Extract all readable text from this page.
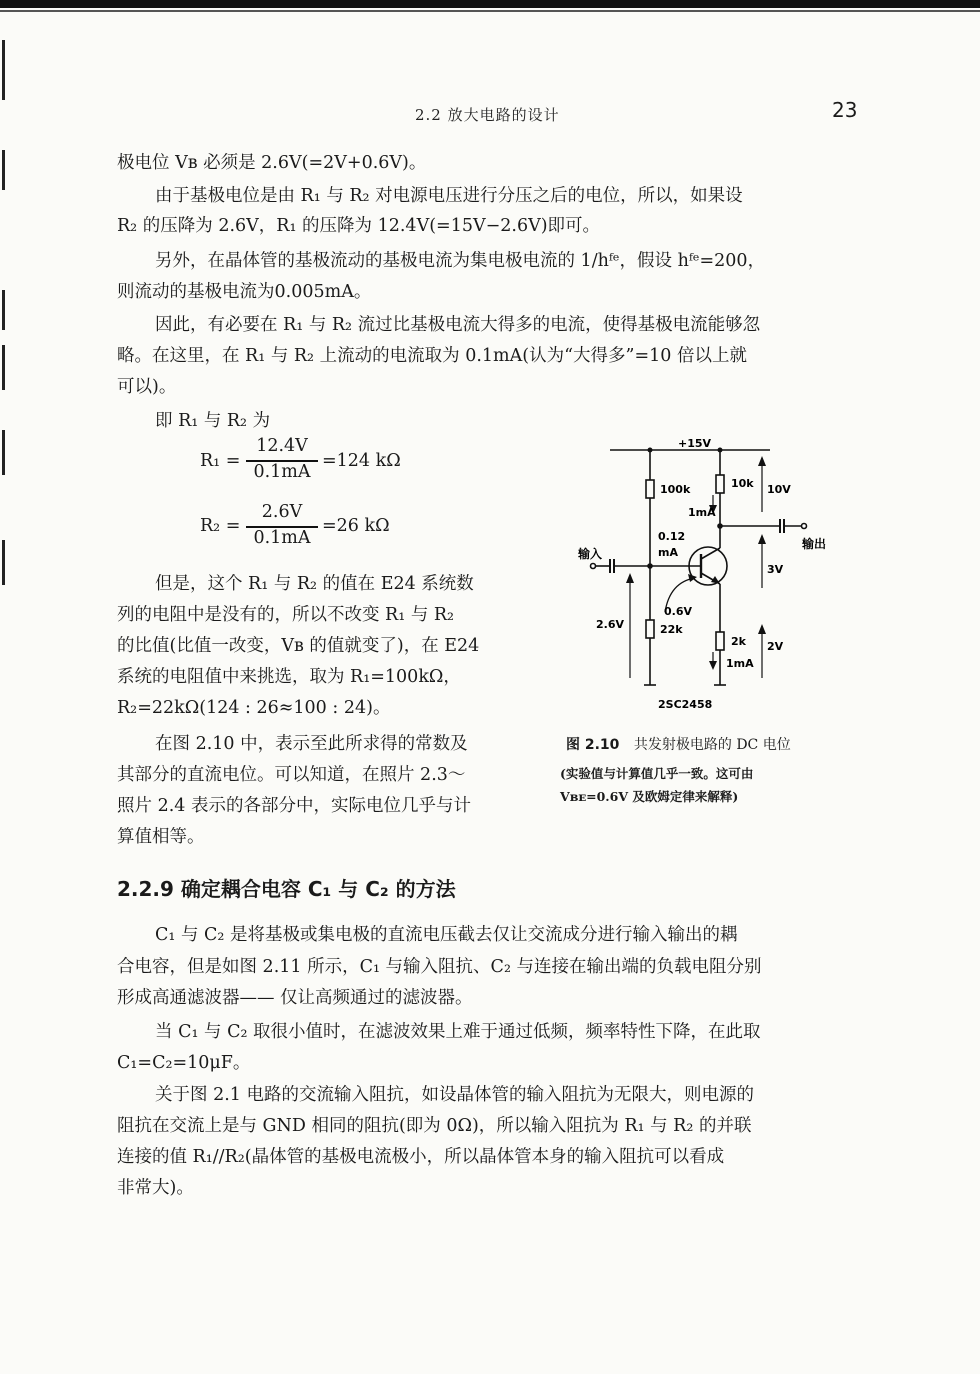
2.2 放大电路的设计	23
极电位 Vʙ 必须是 2.6V(=2V+0.6V)。
由于基极电位是由 R₁ 与 R₂ 对电源电压进行分压之后的电位，所以，如果设
R₂ 的压降为 2.6V，R₁ 的压降为 12.4V(=15V−2.6V)即可。
另外，在晶体管的基极流动的基极电流为集电极电流的 1/hᶠᵉ，假设 hᶠᵉ=200，
则流动的基极电流为0.005mA。
因此，有必要在 R₁ 与 R₂ 流过比基极电流大得多的电流，使得基极电流能够忽
略。在这里，在 R₁ 与 R₂ 上流动的电流取为 0.1mA(认为“大得多”=10 倍以上就
可以)。
即 R₁ 与 R₂ 为
R₁ =
12.4V
0.1mA
=124 kΩ
R₂ =
2.6V
0.1mA
=26 kΩ
但是，这个 R₁ 与 R₂ 的值在 E24 系统数
列的电阻中是没有的，所以不改变 R₁ 与 R₂
的比值(比值一改变，Vʙ 的值就变了)，在 E24
系统的电阻值中来挑选，取为 R₁=100kΩ，
R₂=22kΩ(124 : 26≈100 : 24)。
在图 2.10 中，表示至此所求得的常数及
其部分的直流电位。可以知道，在照片 2.3～
照片 2.4 表示的各部分中，实际电位几乎与计
算值相等。
+15V
100k	10k 10V
1mA
0.12
mA
输入
输出
3V
0.6V
2.6V	22k
2k
1mA
2V
2SC2458
图 2.10 共发射极电路的 DC 电位
(实验值与计算值几乎一致。这可由
Vʙᴇ=0.6V 及欧姆定律来解释)
2.2.9 确定耦合电容 C₁ 与 C₂ 的方法
C₁ 与 C₂ 是将基极或集电极的直流电压截去仅让交流成分进行输入输出的耦
合电容，但是如图 2.11 所示，C₁ 与输入阻抗、C₂ 与连接在输出端的负载电阻分别
形成高通滤波器—— 仅让高频通过的滤波器。
当 C₁ 与 C₂ 取很小值时，在滤波效果上难于通过低频，频率特性下降，在此取
C₁=C₂=10μF。
关于图 2.1 电路的交流输入阻抗，如设晶体管的输入阻抗为无限大，则电源的
阻抗在交流上是与 GND 相同的阻抗(即为 0Ω)，所以输入阻抗为 R₁ 与 R₂ 的并联
连接的值 R₁//R₂(晶体管的基极电流极小，所以晶体管本身的输入阻抗可以看成
非常大)。
